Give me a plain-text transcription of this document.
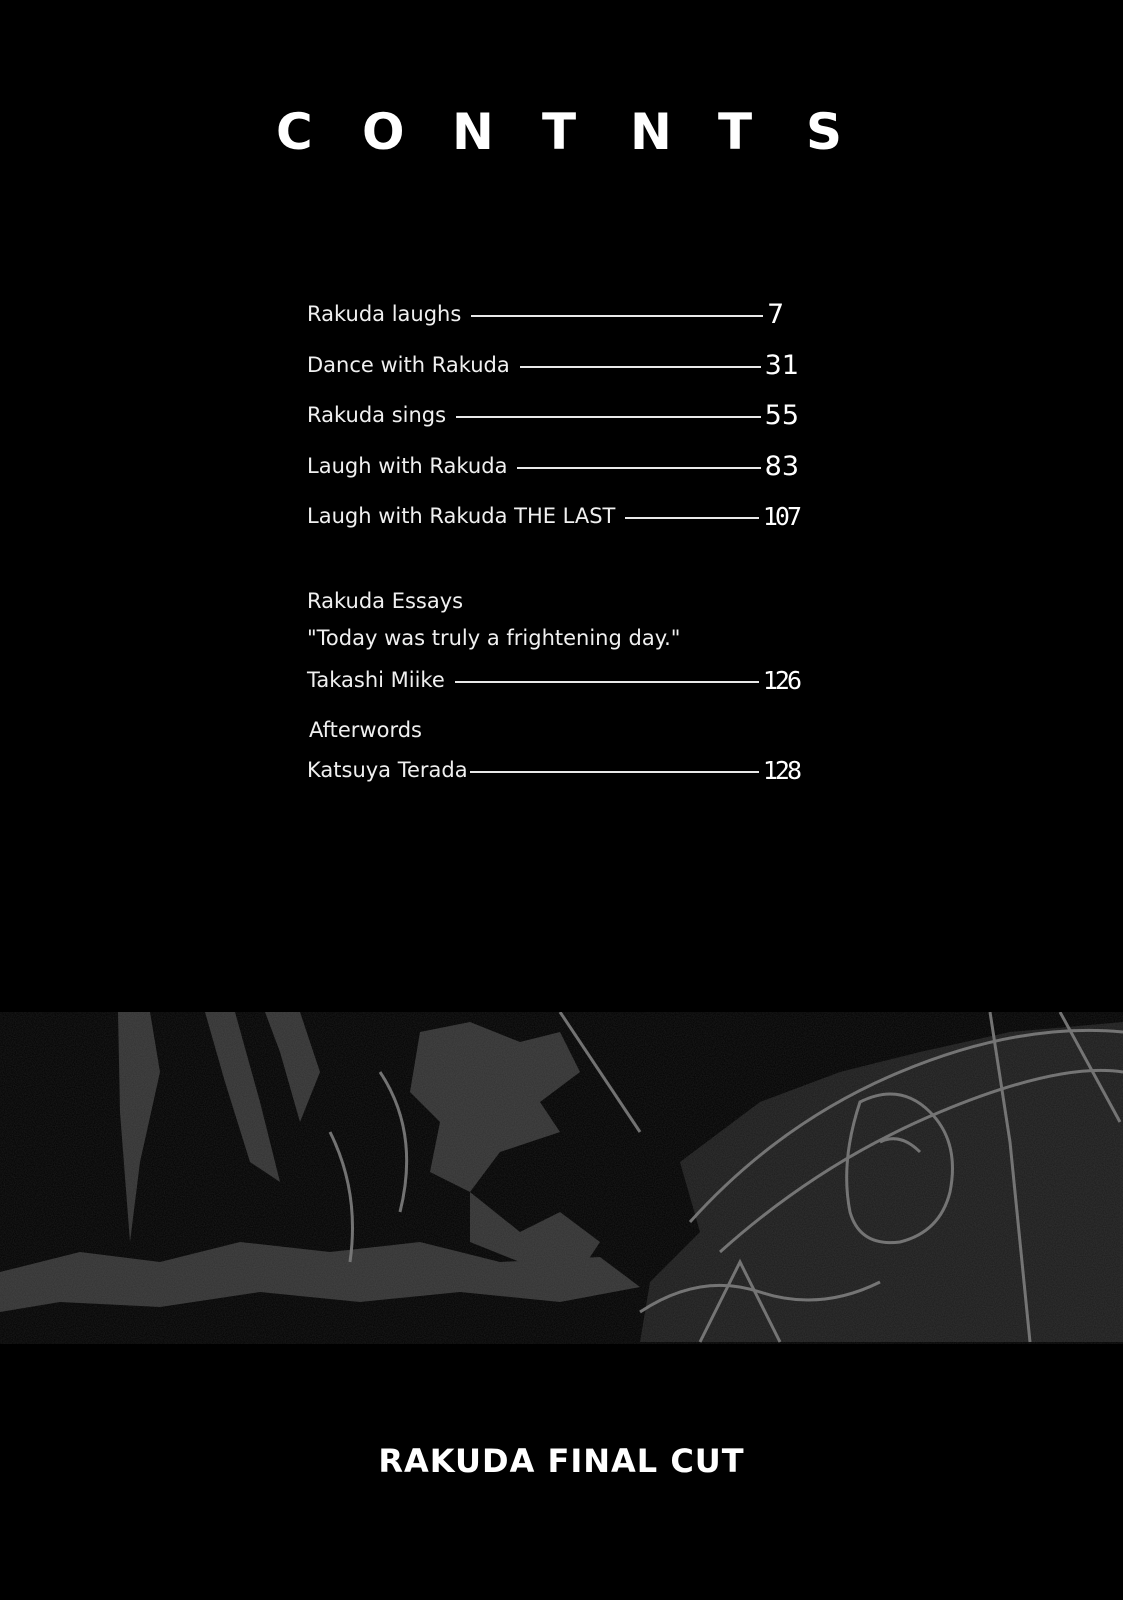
C O N T N T S
Rakuda laughs	7
Dance with Rakuda	31
Rakuda sings	55
Laugh with Rakuda	83
Laugh with Rakuda THE LAST	107
Rakuda Essays
"Today was truly a frightening day."
Takashi Miike	126
Afterwords
Katsuya Terada	128
RAKUDA FINAL CUT
